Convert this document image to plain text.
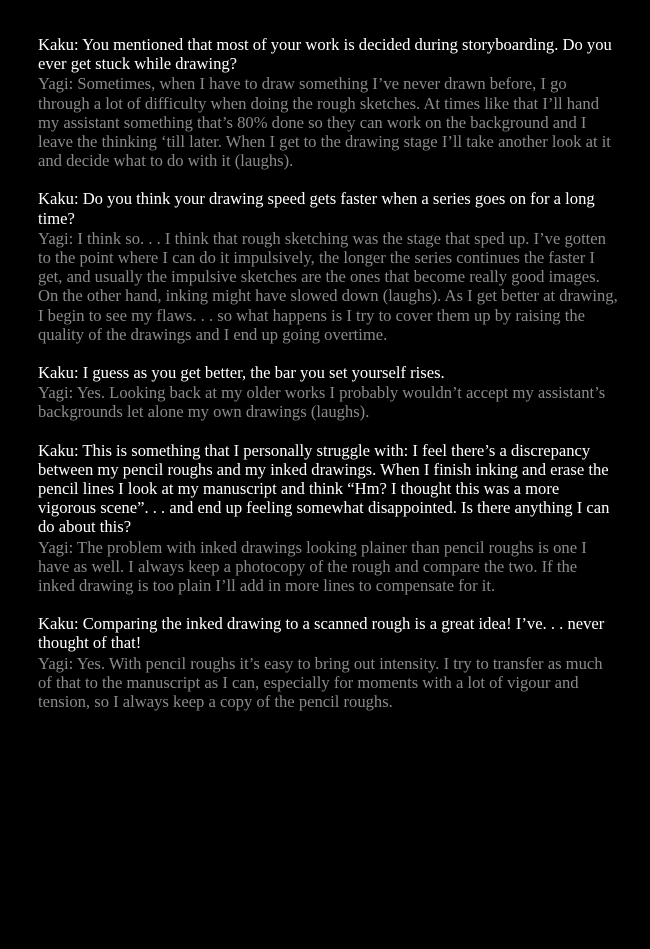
Kaku: You mentioned that most of your work is decided during storyboarding. Do you ever get stuck while drawing?

Yagi: Sometimes, when I have to draw something I’ve never drawn before, I go through a lot of difficulty when doing the rough sketches. At times like that I’ll hand my assistant something that’s 80% done so they can work on the background and I leave the thinking ‘till later. When I get to the drawing stage I’ll take another look at it and decide what to do with it (laughs).

Kaku: Do you think your drawing speed gets faster when a series goes on for a long time?

Yagi: I think so. . . I think that rough sketching was the stage that sped up. I’ve gotten to the point where I can do it impulsively, the longer the series continues the faster I get, and usually the impulsive sketches are the ones that become really good images. On the other hand, inking might have slowed down (laughs). As I get better at drawing, I begin to see my flaws. . . so what happens is I try to cover them up by raising the quality of the drawings and I end up going overtime.

Kaku: I guess as you get better, the bar you set yourself rises.

Yagi: Yes. Looking back at my older works I probably wouldn’t accept my assistant’s backgrounds let alone my own drawings (laughs).

Kaku: This is something that I personally struggle with: I feel there’s a discrepancy between my pencil roughs and my inked drawings. When I finish inking and erase the pencil lines I look at my manuscript and think “Hm? I thought this was a more vigorous scene”. . . and end up feeling somewhat disappointed. Is there anything I can do about this?

Yagi: The problem with inked drawings looking plainer than pencil roughs is one I have as well. I always keep a photocopy of the rough and compare the two. If the inked drawing is too plain I’ll add in more lines to compensate for it.

Kaku: Comparing the inked drawing to a scanned rough is a great idea! I’ve. . . never thought of that!

Yagi: Yes. With pencil roughs it’s easy to bring out intensity. I try to transfer as much of that to the manuscript as I can, especially for moments with a lot of vigour and tension, so I always keep a copy of the pencil roughs.
